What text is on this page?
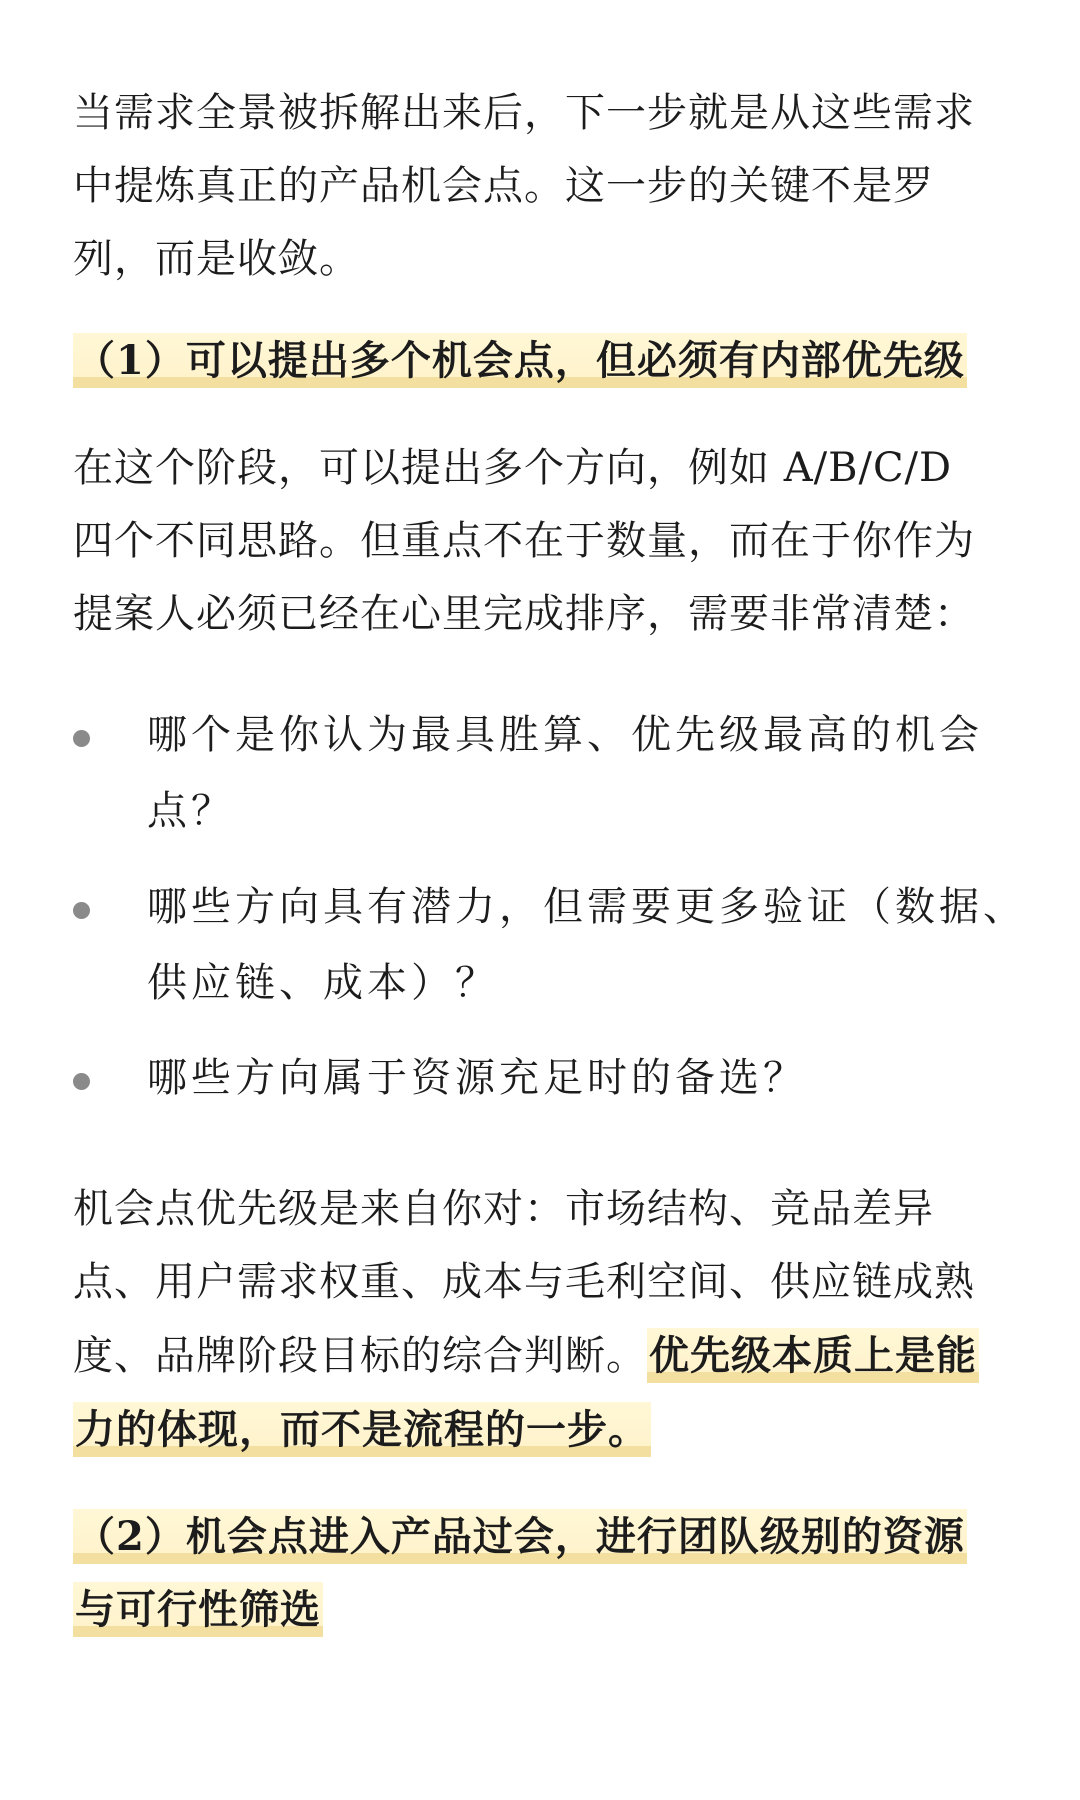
当需求全景被拆解出来后，下一步就是从这些需求中提炼真正的产品机会点。这一步的关键不是罗列，而是收敛。

（1）可以提出多个机会点，但必须有内部优先级

在这个阶段，可以提出多个方向，例如 A/B/C/D 四个不同思路。但重点不在于数量，而在于你作为提案人必须已经在心里完成排序，需要非常清楚：

哪个是你认为最具胜算、优先级最高的机会点？
哪些方向具有潜力，但需要更多验证（数据、供应链、成本）？
哪些方向属于资源充足时的备选？

机会点优先级是来自你对：市场结构、竞品差异点、用户需求权重、成本与毛利空间、供应链成熟度、品牌阶段目标的综合判断。优先级本质上是能力的体现，而不是流程的一步。

（2）机会点进入产品过会，进行团队级别的资源与可行性筛选
